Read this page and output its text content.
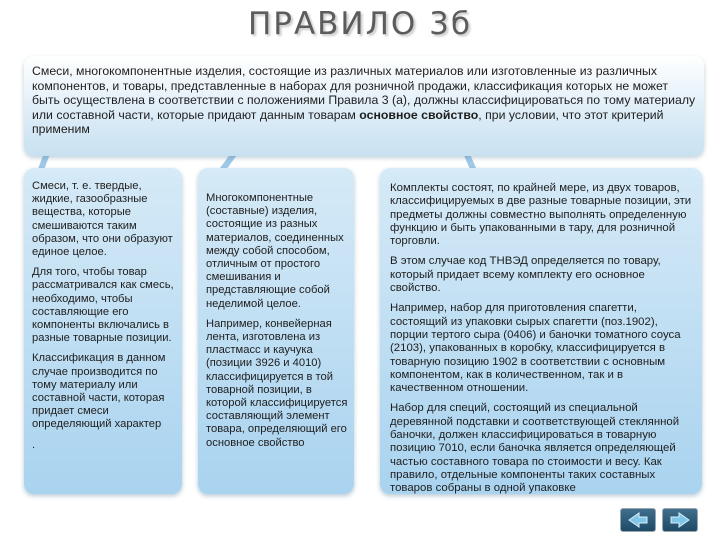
ПРАВИЛО 3б
Смеси, многокомпонентные изделия, состоящие из различных материалов или изготовленные из различных компонентов, и товары, представленные в наборах для розничной продажи, классификация которых не может быть осуществлена в соответствии с положениями Правила 3 (а), должны классифицироваться по тому материалу или составной части, которые придают данным товарам основное свойство, при условии, что этот критерий применим

Смеси, т. е. твердые, жидкие, газообразные вещества, которые смешиваются таким образом, что они образуют единое целое.

Для того, чтобы товар рассматривался как смесь, необходимо, чтобы составляющие его компоненты включались в разные товарные позиции.

Классификация в данном случае производится по тому материалу или составной части, которая придает смеси определяющий характер

.

Многокомпонентные (составные) изделия, состоящие из разных материалов, соединенных между собой способом, отличным от простого смешивания и представляющие собой неделимой целое.

Например, конвейерная лента, изготовлена из пластмасс и каучука (позиции 3926 и 4010) классифицируется в той товарной позиции, в которой классифицируется составляющий элемент товара, определяющий его основное свойство

Комплекты состоят, по крайней мере, из двух товаров, классифицируемых в две разные товарные позиции, эти предметы должны совместно выполнять определенную функцию и быть упакованными в тару, для розничной торговли.

В этом случае код ТНВЭД определяется по товару, который придает всему комплекту его основное свойство.

Например, набор для приготовления спагетти, состоящий из упаковки сырых спагетти (поз.1902), порции тертого сыра (0406) и баночки томатного соуса (2103), упакованных в коробку, классифицируется в товарную позицию 1902 в соответствии с основным компонентом, как в количественном, так и в качественном отношении.

Набор для специй, состоящий из специальной деревянной подставки и соответствующей стеклянной баночки, должен классифицироваться в товарную позицию 7010, если баночка является определяющей частью составного товара по стоимости и весу. Как правило, отдельные компоненты таких составных товаров собраны в одной упаковке
